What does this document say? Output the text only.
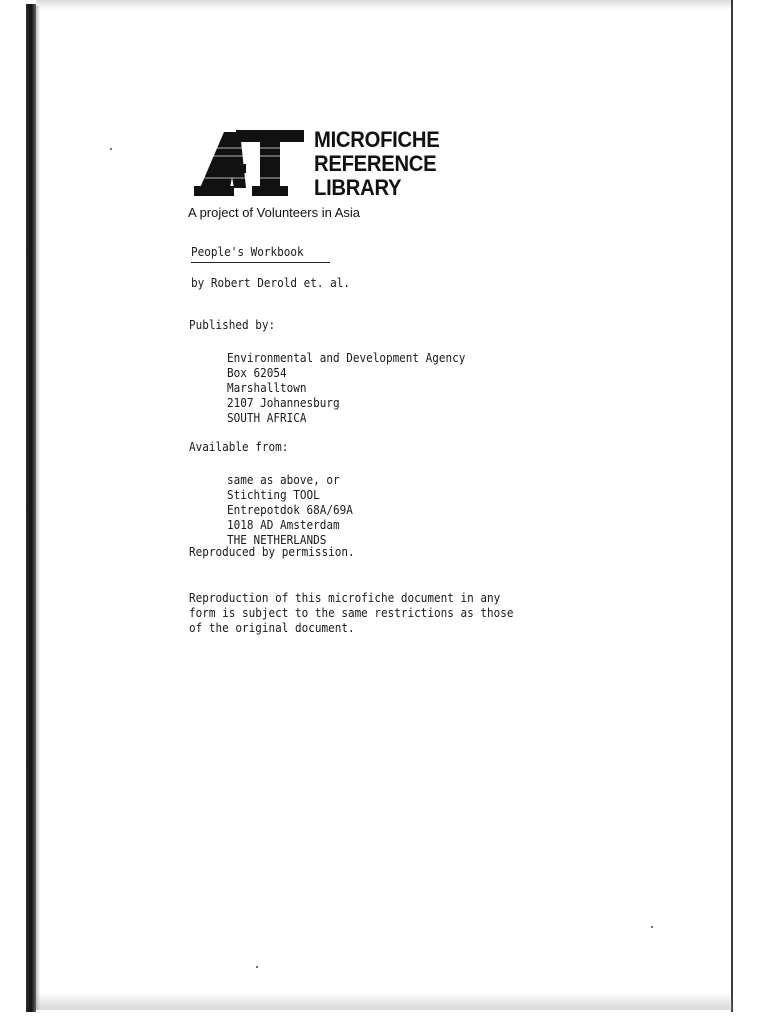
AT
MICROFICHE
REFERENCE
LIBRARY
A project of Volunteers in Asia
People's Workbook
by Robert Derold et. al.
Published by:
Environmental and Development Agency
Box 62054
Marshalltown
2107 Johannesburg
SOUTH AFRICA
Available from:
same as above, or
Stichting TOOL
Entrepotdok 68A/69A
1018 AD Amsterdam
THE NETHERLANDS
Reproduced by permission.
Reproduction of this microfiche document in any
form is subject to the same restrictions as those
of the original document.
